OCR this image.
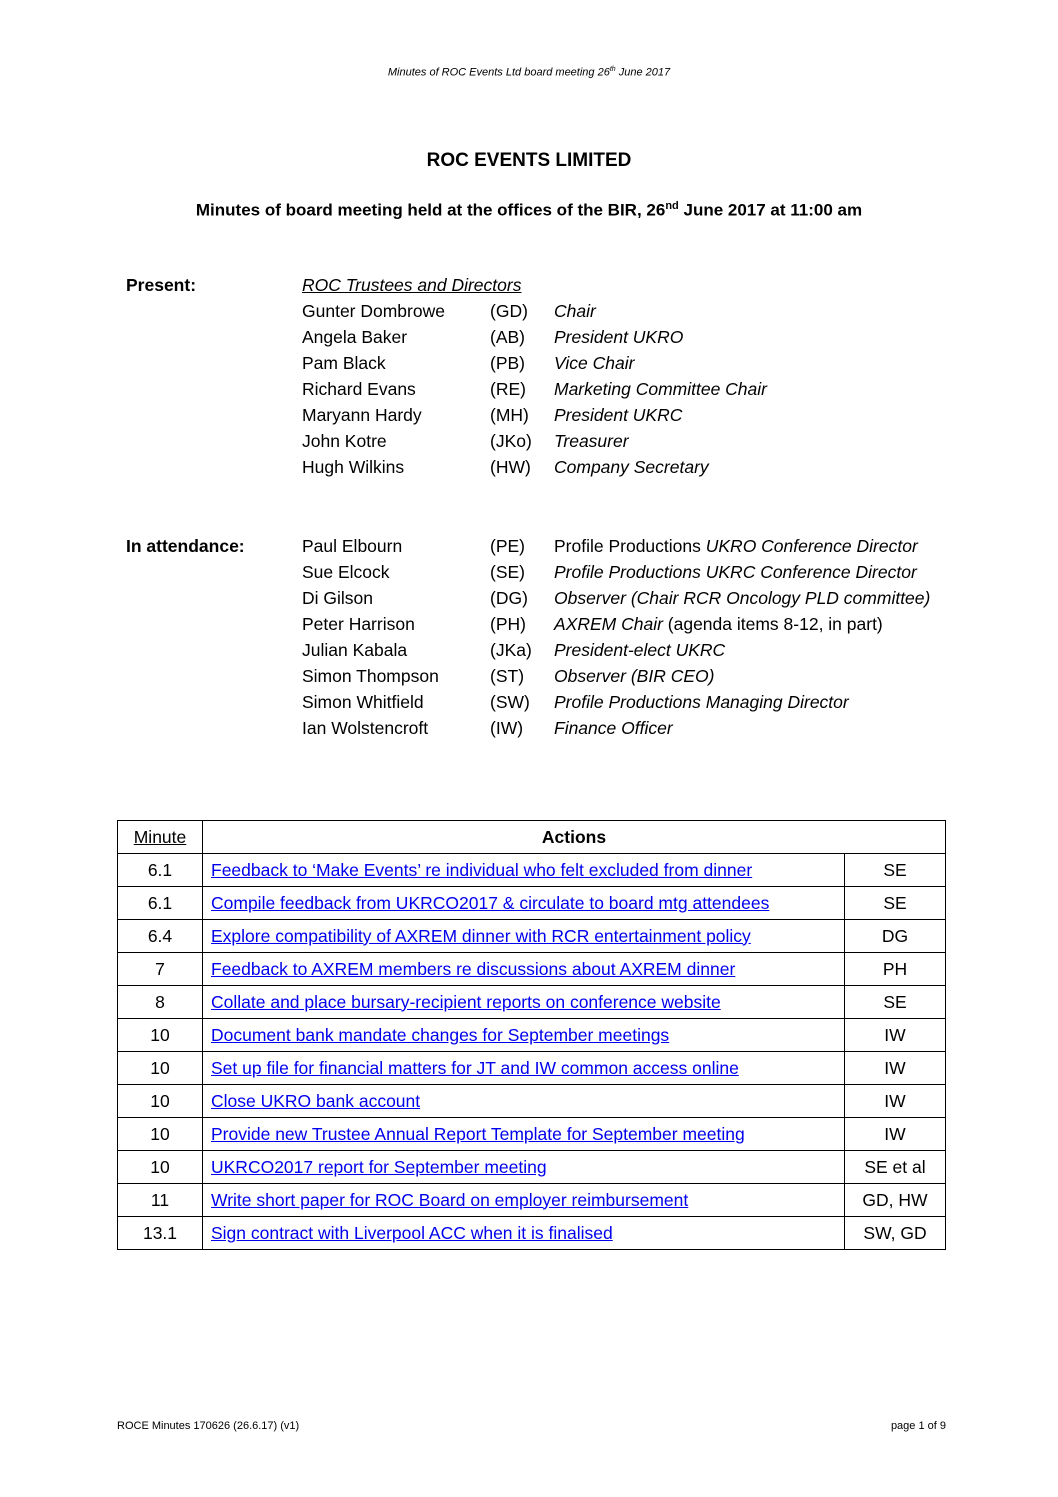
Minutes of ROC Events Ltd board meeting 26th June 2017
ROC EVENTS LIMITED
Minutes of board meeting held at the offices of the BIR, 26nd June 2017 at 11:00 am
Present:	ROC Trustees and Directors
Gunter Dombrowe	(GD) Chair
Angela Baker	(AB) President UKRO
Pam Black	(PB) Vice Chair
Richard Evans	(RE) Marketing Committee Chair
Maryann Hardy	(MH) President UKRC
John Kotre	(JKo) Treasurer
Hugh Wilkins	(HW) Company Secretary
In attendance:	Paul Elbourn	(PE) Profile Productions UKRO Conference Director
Sue Elcock	(SE) Profile Productions UKRC Conference Director
Di Gilson	(DG) Observer (Chair RCR Oncology PLD committee)
Peter Harrison	(PH) AXREM Chair (agenda items 8-12, in part)
Julian Kabala	(JKa) President-elect UKRC
Simon Thompson	(ST) Observer (BIR CEO)
Simon Whitfield	(SW) Profile Productions Managing Director
Ian Wolstencroft	(IW) Finance Officer
Minute	Actions	
6.1	Feedback to ‘Make Events’ re individual who felt excluded from dinner	SE
6.1	Compile feedback from UKRCO2017 & circulate to board mtg attendees	SE
6.4	Explore compatibility of AXREM dinner with RCR entertainment policy	DG
7	Feedback to AXREM members re discussions about AXREM dinner	PH
8	Collate and place bursary-recipient reports on conference website	SE
10	Document bank mandate changes for September meetings	IW
10	Set up file for financial matters for JT and IW common access online	IW
10	Close UKRO bank account	IW
10	Provide new Trustee Annual Report Template for September meeting	IW
10	UKRCO2017 report for September meeting	SE et al
11	Write short paper for ROC Board on employer reimbursement	GD, HW
13.1	Sign contract with Liverpool ACC when it is finalised	SW, GD
ROCE Minutes 170626 (26.6.17) (v1)	page 1 of 9
